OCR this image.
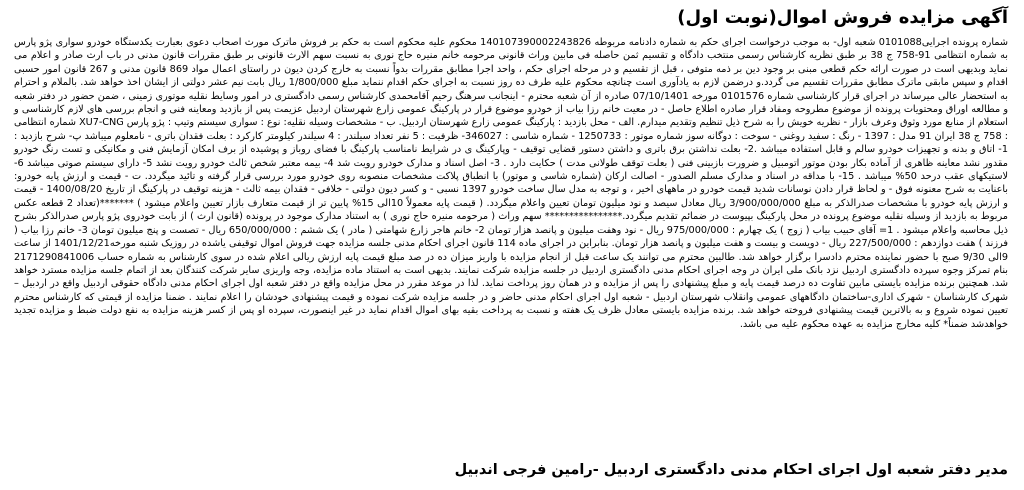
آگهی مزایده فروش اموال(نوبت اول)

شماره پرونده اجرایی0101088 شعبه اول- به موجب درخواست اجرای حکم به شماره دادنامه مربوطه 140107390002243826 محکوم علیه محکوم است به حکم بر فروش ماترک مورث اصحاب دعوی بعبارت یکدستگاه خودرو سواری پژو پارس به شماره انتظامی 91-758 ج 38 بر طبق نظریه کارشناس رسمی منتخب دادگاه و تقسیم ثمن حاصله فی مابین وراث قانونی مرحومه خانم منیره حاج نوری به نسبت سهم الارث قانونی بر طبق مقررات قانون مدنی در باب ارث صادر و اعلام می نماید وبدیهی است در صورت ارائه حکم قطعی مبنی بر وجود دین بر ذمه متوفی ، قبل از تقسیم و در مرحله اجرای حکم ، واحد اجرا مطابق مقررات بدواً نسبت به خارج کردن دیون در راستای اعمال مواد 869 قانون مدنی و 267 قانون امور حسبی اقدام و سپس مابقی ماترک مطابق مقررات تقسیم می گردد.و درضمن لازم به یادآوری است چنانچه محکوم علیه طرف ده روز نسبت به اجرای حکم اقدام ننماید مبلغ 1/800/000 ریال بابت نیم عشر دولتی از ایشان اخذ خواهد شد. بالملام و احترام به استحضار عالی میرساند در اجرای قرار کارشناسی شماره 0101576 مورخه 07/10/1401 صادره از آن شعبه محترم - اینجانب سرهنگ رحیم آقامحمدی کارشناس رسمی دادگستری در امور وسایط نقلیه موتوری زمینی ، ضمن حضور در دفتر شعبه و مطالعه اوراق ومحتویات پرونده از موضوع مطروحه ومفاد قرار صادره اطلاع حاصل - در معیت خانم رزا بیاب از خودرو موضوع قرار در پارکینگ عمومی زارع شهرستان اردبیل عزیمت پس از بازدید ومعاینه فنی و انجام بررسی های لازم کارشناسی و استعلام از منابع مورد وثوق وعرف بازار - نظریه خویش را به شرح ذیل تنظیم وتقدیم میدارم. الف - محل بازدید : پارکینگ عمومی زارع شهرستان اردبیل. ب - مشخصات وسیله نقلیه: نوع : سواری سیستم وتیپ : پژو پارس XU7-CNG شماره انتظامی : 758 ج 38 ایران 91 مدل : 1397 - رنگ : سفید روغنی - سوخت : دوگانه سوز شماره موتور : 1250733 - شماره شاسی : 346027- ظرفیت : 5 نفر تعداد سیلندر : 4 سیلندر کیلومتر کارکرد : بعلت فقدان باتری - نامعلوم میباشد پ- شرح بازدید : 1- اتاق و بدنه و تجهیزات خودرو سالم و قابل استفاده میباشد .2- بعلت نداشتن برق باتری و داشتن دستور قضایی توقیف - وپارکینگ ی در شرایط نامناسب پارکینگ با فضای روباز و پوشیده از برف امکان آزمایش فنی و مکانیکی و تست رنگ خودرو مقدور نشد معاینه ظاهری از آماده بکار بودن موتور اتومبیل و ضرورت بازبینی فنی ( بعلت توقف طولانی مدت ) حکایت دارد . 3- اصل اسناد و مدارک خودرو رویت شد 4- بیمه معتبر شخص ثالث خودرو رویت نشد 5- دارای سیستم صوتی میباشد 6- لاستیکهای عقب درحد 50% میباشد . 15- با مداقه در اسناد و مدارک مسلم الصدور - اصالت ارکان (شماره شاسی و موتور) با انطباق پلاکت مشخصات منصوبه روی خودرو مورد بررسی قرار گرفته و تائید میگردد. ت - قیمت و ارزش پایه خودرو: باعنایت به شرح معنونه فوق - و لحاظ قرار دادن نوسانات شدید قیمت خودرو در ماههای اخیر ، و توجه به مدل سال ساخت خودرو 1397 نسبی - و کسر دیون دولتی - خلافی - فقدان بیمه ثالث - هزینه توقیف در پارکینگ از تاریخ 1400/08/20 - قیمت و ارزش پایه خودرو با مشخصات صدرالذکر به مبلغ 3/900/000/000 ریال معادل سیصد و نود میلیون تومان تعیین واعلام میگردد. ( قیمت پایه معمولاً 10الی 15% پایین تر از قیمت متعارف بازار تعیین واعلام میشود ) *******(تعداد 2 قطعه عکس مربوط به بازدید از وسیله نقلیه موضوع پرونده در محل پارکینگ بپیوست در ضمائم تقدیم میگردد.**************** سهم وراث ( مرحومه منیره حاج نوری ) به استناد مدارک موجود در پرونده (قانون ارث ) از بابت خودروی پژو پارس صدرالذکر بشرح ذیل محاسبه واعلام میشود . 1= آقای حبیب بیاب ( زوج ) یک چهارم : 975/000/000 ریال - نود وهفت میلیون و پانصد هزار تومان 2- خانم هاجر زارع شهامتی ( مادر ) یک ششم : 650/000/000 ریال - تصست و پنج میلیون تومان 3- خانم رزا بیاب ( فرزند ) هفت دوازدهم : 227/500/000 ریال - دویست و بیست و هفت میلیون و پانصد هزار تومان. بنابراین در اجرای ماده 114 قانون اجرای احکام مدنی جلسه مزایده جهت فروش اموال توقیفی یاشده در روزیک شنبه مورخه1401/12/21 از ساعت 9الی 9/30 صبح با حضور نماینده محترم دادسرا برگزار خواهد شد. طالبین محترم می توانند یک ساعت قبل از انجام مزایده با واریز میزان ده در صد مبلغ قیمت پایه ارزش ریالی اعلام شده در سوی کارشناس به شماره حساب 2171290841006 بنام تمرکز وجوه سپرده دادگستری اردبیل نزد بانک ملی ایران در وجه اجرای احکام مدنی دادگستری اردبیل در جلسه مزایده شرکت نمایند. بدیهی است به استناد ماده مزایده، وجه واریزی سایر شرکت کنندگان بعد از اتمام جلسه مزایده مسترد خواهد شد. همچنین برنده مزایده بایستی مابین تفاوت ده درصد قیمت پایه و مبلغ پیشنهادی را پس از مزایده و در همان روز پرداخت نماید. لذا در موعد مقرر در محل مزایده واقع در دفتر شعبه اول اجرای احکام مدنی دادگاه حقوقی اردبیل واقع در اردبیل – شهرک کارشناسان - شهرک اداری-ساختمان دادگاههای عمومی وانقلاب شهرستان اردبیل - شعبه اول اجرای احکام مدنی حاضر و در جلسه مزایده شرکت نموده و قیمت پیشنهادی خودشان را اعلام نمایند . ضمنا مزایده از قیمتی که کارشناس محترم تعیین نموده شروع و به بالاترین قیمت پیشنهادی فروخته خواهد شد. برنده مزایده بایستی معادل ظرف یک هفته و نسبت به پرداخت بقیه بهای اموال اقدام نماید در غیر اینصورت، سپرده او پس از کسر هزینه مزایده به نفع دولت ضبط و مزایده تجدید خواهدشد ضمناً* کلیه مخارج مزایده به عهده محکوم علیه می باشد.

مدیر دفتر شعبه اول اجرای احکام مدنی دادگستری اردبیل -رامین فرجی اندبیل
